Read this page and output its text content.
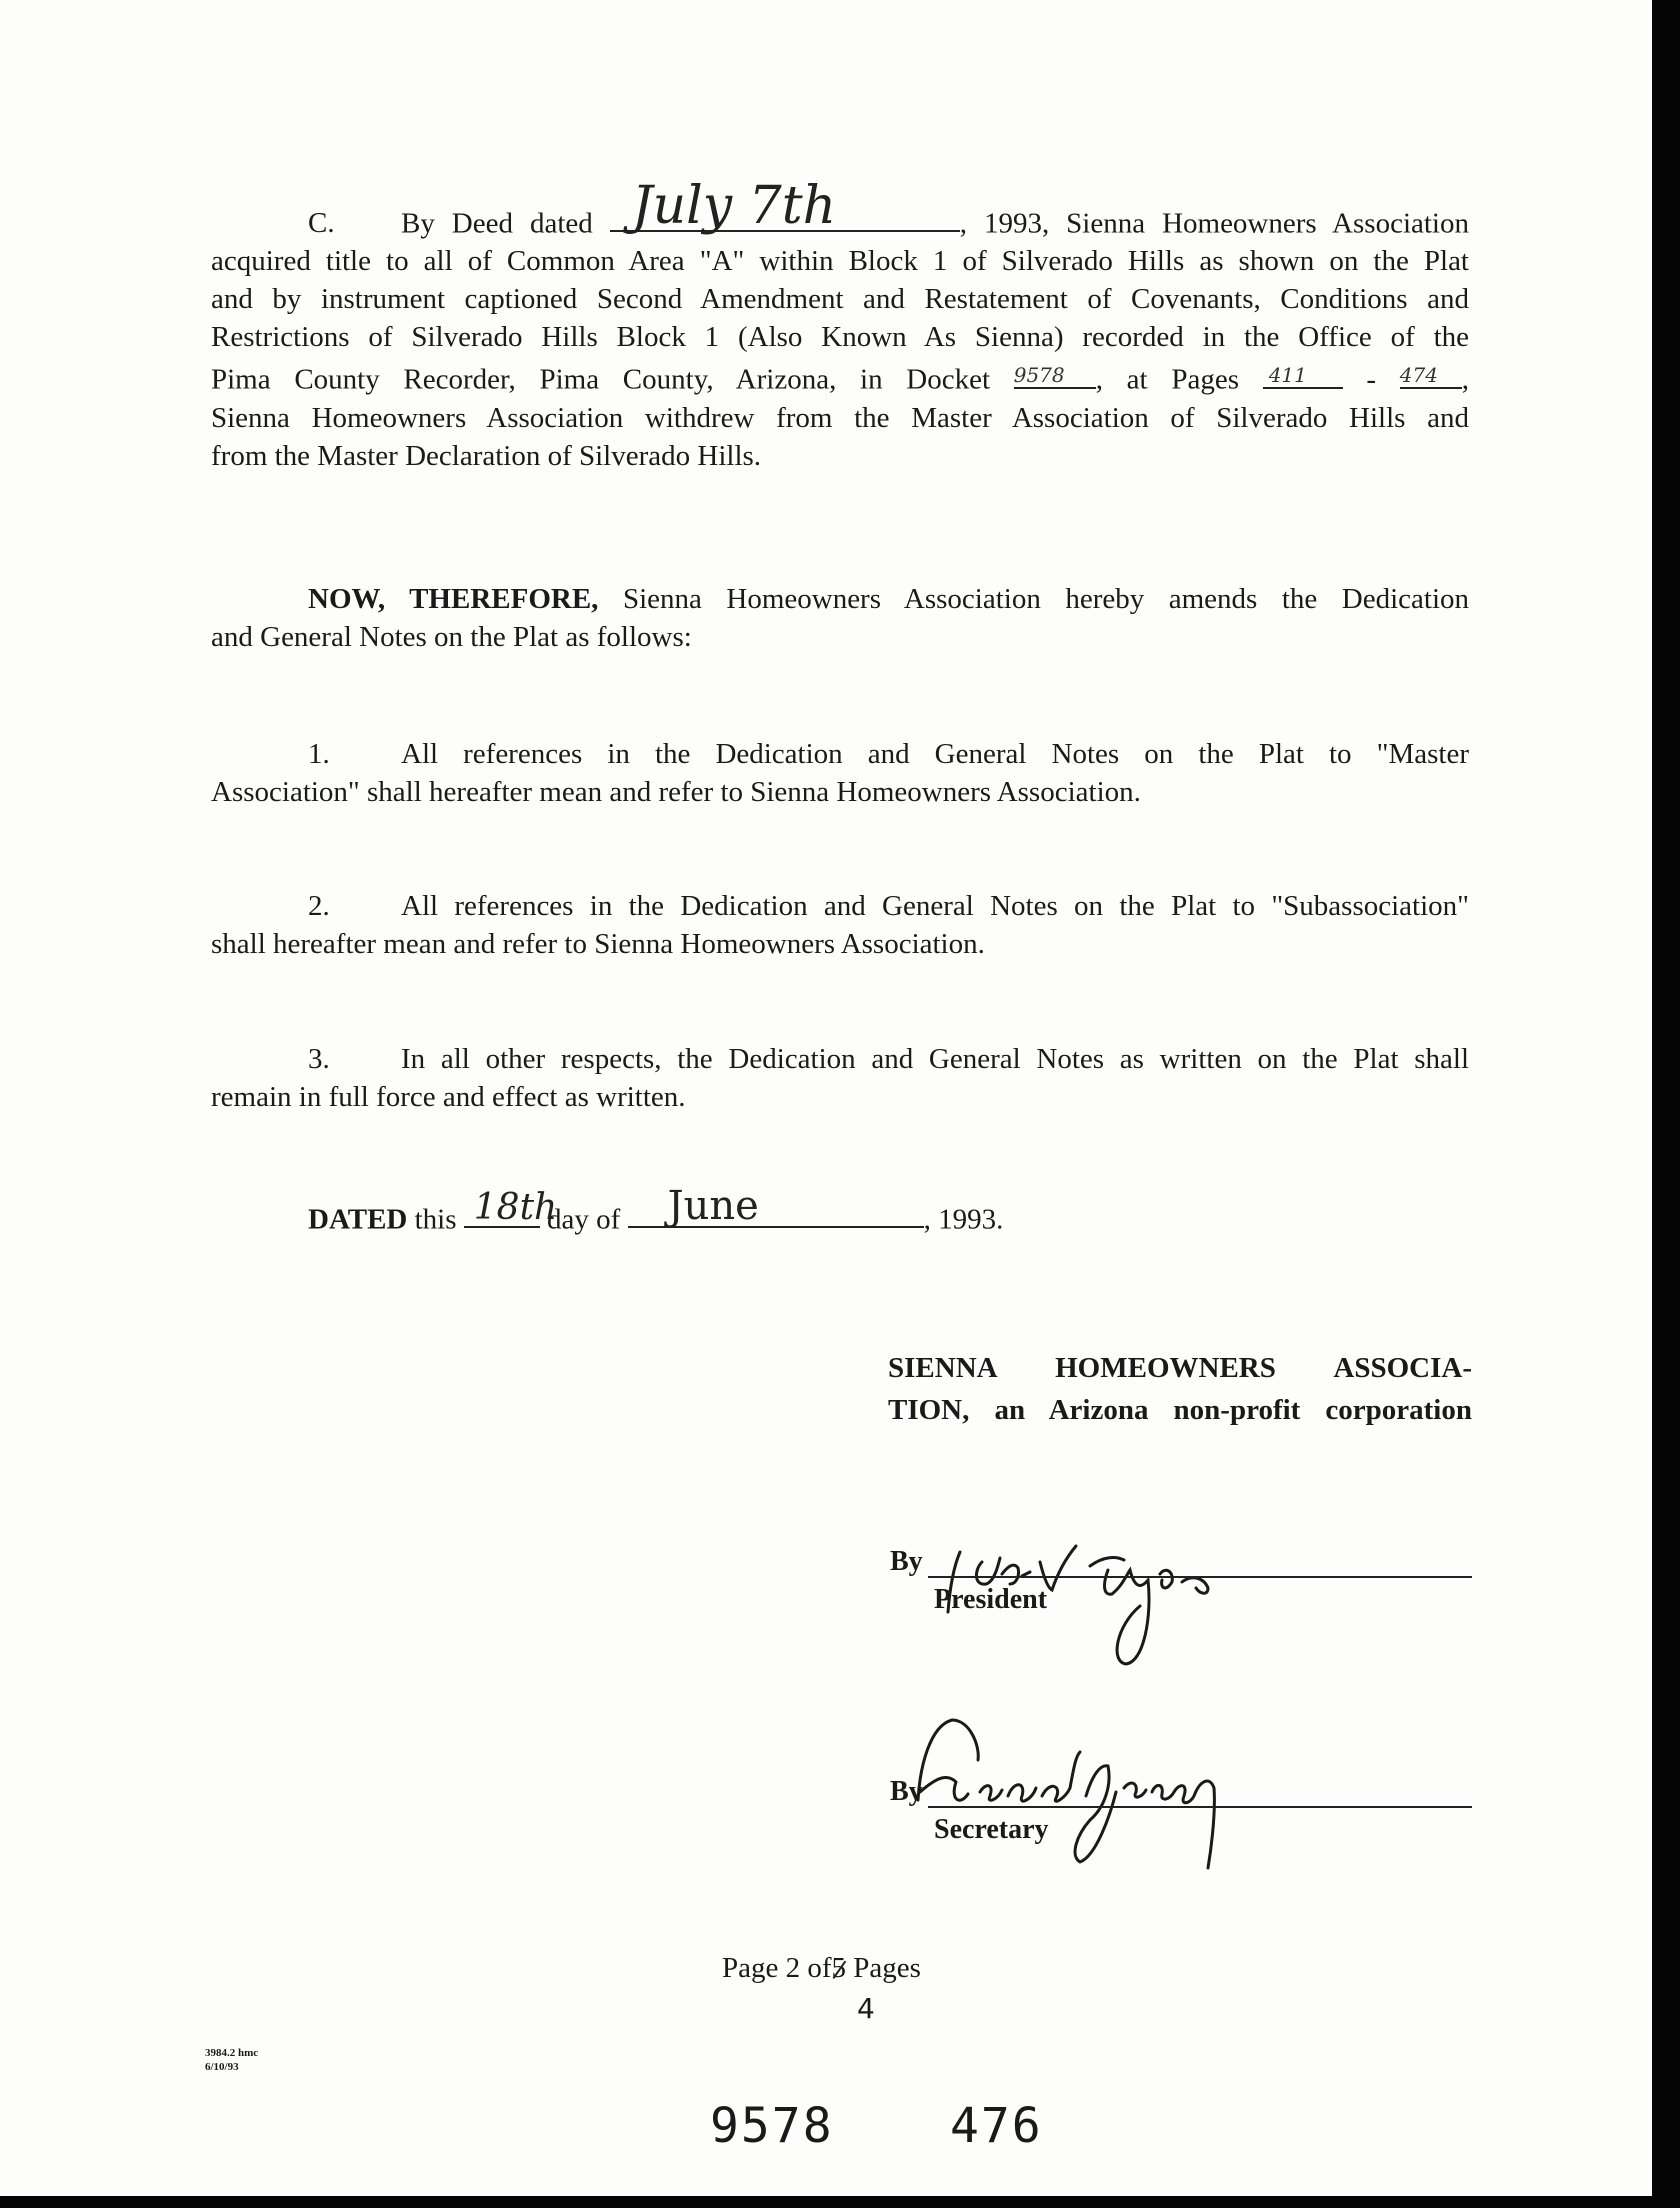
C. By Deed dated July 7th	, 1993, Sienna Homeowners Association
acquired title to all of Common Area "A" within Block 1 of Silverado Hills as shown on the Plat
and by instrument captioned Second Amendment and Restatement of Covenants, Conditions and
Restrictions of Silverado Hills Block 1 (Also Known As Sienna) recorded in the Office of the
Pima County Recorder, Pima County, Arizona, in Docket 9578 , at Pages 411 - 474 ,
Sienna Homeowners Association withdrew from the Master Association of Silverado Hills and
from the Master Declaration of Silverado Hills.
NOW, THEREFORE, Sienna Homeowners Association hereby amends the Dedication
and General Notes on the Plat as follows:
1. All references in the Dedication and General Notes on the Plat to "Master
Association" shall hereafter mean and refer to Sienna Homeowners Association.
2. All references in the Dedication and General Notes on the Plat to "Subassociation"
shall hereafter mean and refer to Sienna Homeowners Association.
3. In all other respects, the Dedication and General Notes as written on the Plat shall
remain in full force and effect as written.
DATED this 18th
day of June	, 1993.
SIENNA HOMEOWNERS ASSOCIA-
TION, an Arizona non-profit corporation
By
President
By
Secretary
Page 2 of5 Pages
4
3984.2 hmc
6/10/93
9578 476
